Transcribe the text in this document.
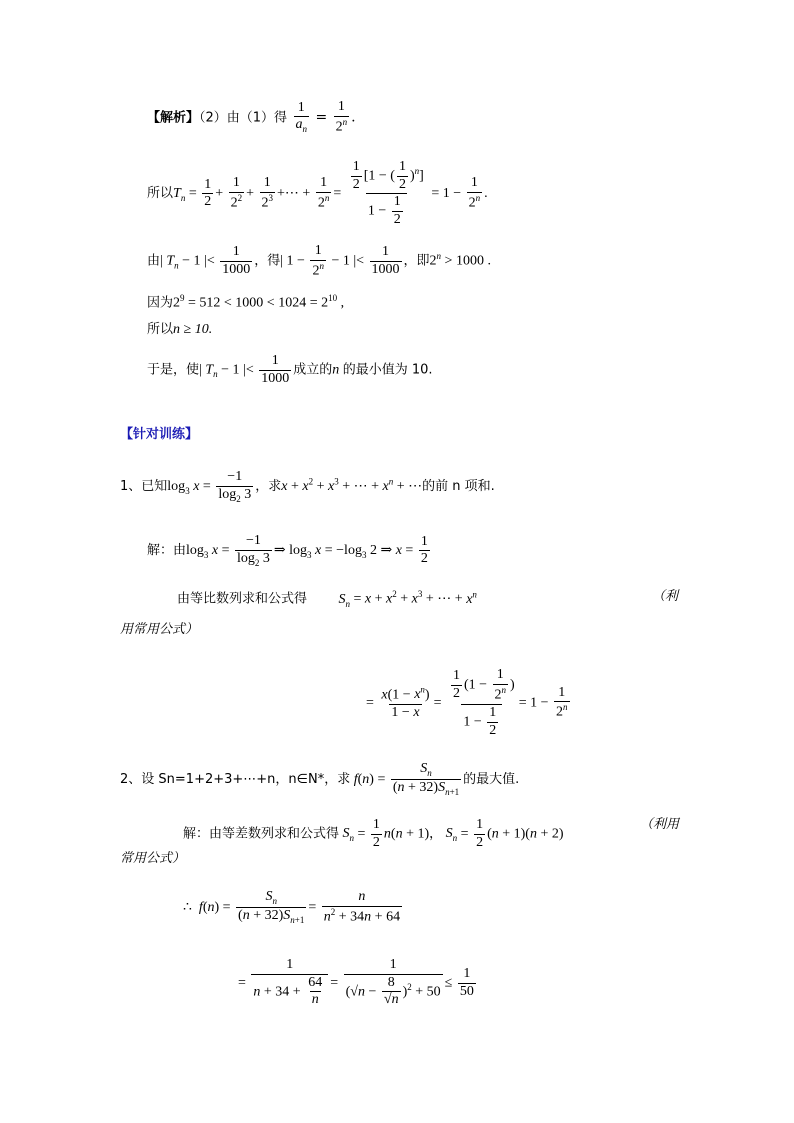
【解析】（2）由（1）得 $\frac{1}{a_n} = \frac{1}{2^n}$ .
所以$T_n = \frac{1}{2} + \frac{1}{2^2} + \frac{1}{2^3}$ +⋯ + $\frac{1}{2^n} = \frac{\frac{1}{2} [1 - ( \frac{1}{2} )^n]}{1 - \frac{1}{2}} = 1 - \frac{1}{2^n}$ .
由| $T_n - 1$ |< $\frac{1}{1000}$ ，得| $1 - \frac{1}{2^n} - 1$ |< $\frac{1}{1000}$ ，即$2^n > 1000$ .
因为$2^9 = 512 < 1000 < 1024 = 2^{10}$ ,
所以n ≥ 10.
于是，使| $T_n - 1$ |< $\frac{1}{1000}$ 成立的n 的最小值为 10.
【针对训练】
1、已知$\log_3 x = \frac{-1}{\log_2 3}$ ，求$x + x^2 + x^3$ + ⋯ + $x^n$ + ⋯的前 n 项和.
解：由$\log_3 x = \frac{-1}{\log_2 3}$ ⇒ $\log_3 x = -\log_3$ 2 ⇒ $x = \frac{1}{2}$
由等比数列求和公式得 $S_n = x + x^2 + x^3$ + ⋯ + $x^n$	（利
用常用公式）
= $\frac{x(1 - x^n)}{1 - x} = \frac{\frac{1}{2} (1 - \frac{1}{2^n} )}{1 - \frac{1}{2}} = 1 - \frac{1}{2^n}$
2、设 Sn=1+2+3+⋯+n，n∈N*，求 $f(n) = \frac{S_n}{(n + 32)S_{n+1}}$ 的最大值.
解：由等差数列求和公式得 $S_n = \frac{1}{2} n(n + 1)$， $S_n = \frac{1}{2} (n + 1)(n + 2)$
（利用
常用公式）
∴ $f(n) = \frac{S_n}{(n + 32)S_{n+1}} = \frac{n}{n^2 + 34n + 64}$
= $\frac{1}{n + 34 + \frac{64}{n}} = \frac{1}{(√n - \frac{8}{√n} )^2 + 50} \le \frac{1}{50}$
